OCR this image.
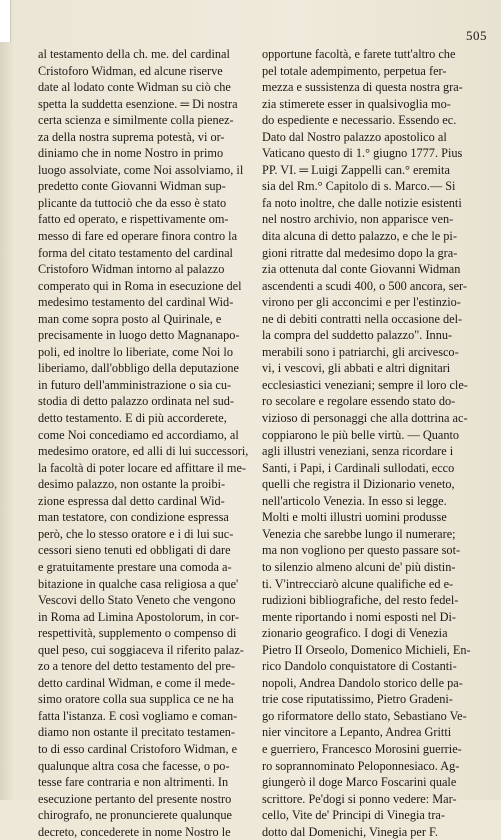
505
al testamento della ch. me. del cardinal
Cristoforo Widman, ed alcune riserve
date al lodato conte Widman su ciò che
spetta la suddetta esenzione. ═ Di nostra
certa scienza e similmente colla pienez-
za della nostra suprema potestà, vi or-
diniamo che in nome Nostro in primo
luogo assolviate, come Noi assolviamo, il
predetto conte Giovanni Widman sup-
plicante da tuttociò che da esso è stato
fatto ed operato, e rispettivamente om-
messo di fare ed operare finora contro la
forma del citato testamento del cardinal
Cristoforo Widman intorno al palazzo
comperato qui in Roma in esecuzione del
medesimo testamento del cardinal Wid-
man come sopra posto al Quirinale, e
precisamente in luogo detto Magnanapo-
poli, ed inoltre lo liberiate, come Noi lo
liberiamo, dall'obbligo della deputazione
in futuro dell'amministrazione o sia cu-
stodia di detto palazzo ordinata nel sud-
detto testamento. E di più accorderete,
come Noi concediamo ed accordiamo, al
medesimo oratore, ed alli di lui successori,
la facoltà di poter locare ed affittare il me-
desimo palazzo, non ostante la proibi-
zione espressa dal detto cardinal Wid-
man testatore, con condizione espressa
però, che lo stesso oratore e i di lui suc-
cessori sieno tenuti ed obbligati di dare
e gratuitamente prestare una comoda a-
bitazione in qualche casa religiosa a que'
Vescovi dello Stato Veneto che vengono
in Roma ad Limina Apostolorum, in cor-
respettività, supplemento o compenso di
quel peso, cui soggiaceva il riferito palaz-
zo a tenore del detto testamento del pre-
detto cardinal Widman, e come il mede-
simo oratore colla sua supplica ce ne ha
fatta l'istanza. E così vogliamo e coman-
diamo non ostante il precitato testamen-
to di esso cardinal Cristoforo Widman, e
qualunque altra cosa che facesse, o po-
tesse fare contraria e non altrimenti. In
esecuzione pertanto del presente nostro
chirografo, ne pronuncierete qualunque
decreto, concederete in nome Nostro le
opportune facoltà, e farete tutt'altro che
pel totale adempimento, perpetua fer-
mezza e sussistenza di questa nostra gra-
zia stimerete esser in qualsivoglia mo-
do espediente e necessario. Essendo ec.
Dato dal Nostro palazzo apostolico al
Vaticano questo di 1.° giugno 1777. Pius
PP. VI. ═ Luigi Zappelli can.° eremita
sia del Rm.° Capitolo di s. Marco.— Si
fa noto inoltre, che dalle notizie esistenti
nel nostro archivio, non apparisce ven-
dita alcuna di detto palazzo, e che le pi-
gioni ritratte dal medesimo dopo la gra-
zia ottenuta dal conte Giovanni Widman
ascendenti a scudi 400, o 500 ancora, ser-
virono per gli acconcimi e per l'estinzio-
ne di debiti contratti nella occasione del-
la compra del suddetto palazzo". Innu-
merabili sono i patriarchi, gli arcivesco-
vi, i vescovi, gli abbati e altri dignitari
ecclesiastici veneziani; sempre il loro cle-
ro secolare e regolare essendo stato do-
vizioso di personaggi che alla dottrina ac-
coppiarono le più belle virtù. — Quanto
agli illustri veneziani, senza ricordare i
Santi, i Papi, i Cardinali sullodati, ecco
quelli che registra il Dizionario veneto,
nell'articolo Venezia. In esso si legge.
Molti e molti illustri uomini produsse
Venezia che sarebbe lungo il numerare;
ma non vogliono per questo passare sot-
to silenzio almeno alcuni de' più distin-
ti. V'intrecciarò alcune qualifiche ed e-
rudizioni bibliografiche, del resto fedel-
mente riportando i nomi esposti nel Di-
zionario geografico. I dogi di Venezia
Pietro II Orseolo, Domenico Michieli, En-
rico Dandolo conquistatore di Costanti-
nopoli, Andrea Dandolo storico delle pa-
trie cose riputatissimo, Pietro Gradeni-
go riformatore dello stato, Sebastiano Ve-
nier vincitore a Lepanto, Andrea Gritti
e guerriero, Francesco Morosini guerrie-
ro soprannominato Peloponnesiaco. Ag-
giungerò il doge Marco Foscarini quale
scrittore. Pe'dogi si ponno vedere: Mar-
cello, Vite de' Principi di Vinegia tra-
dotto dal Domenichi, Vinegia per F.
